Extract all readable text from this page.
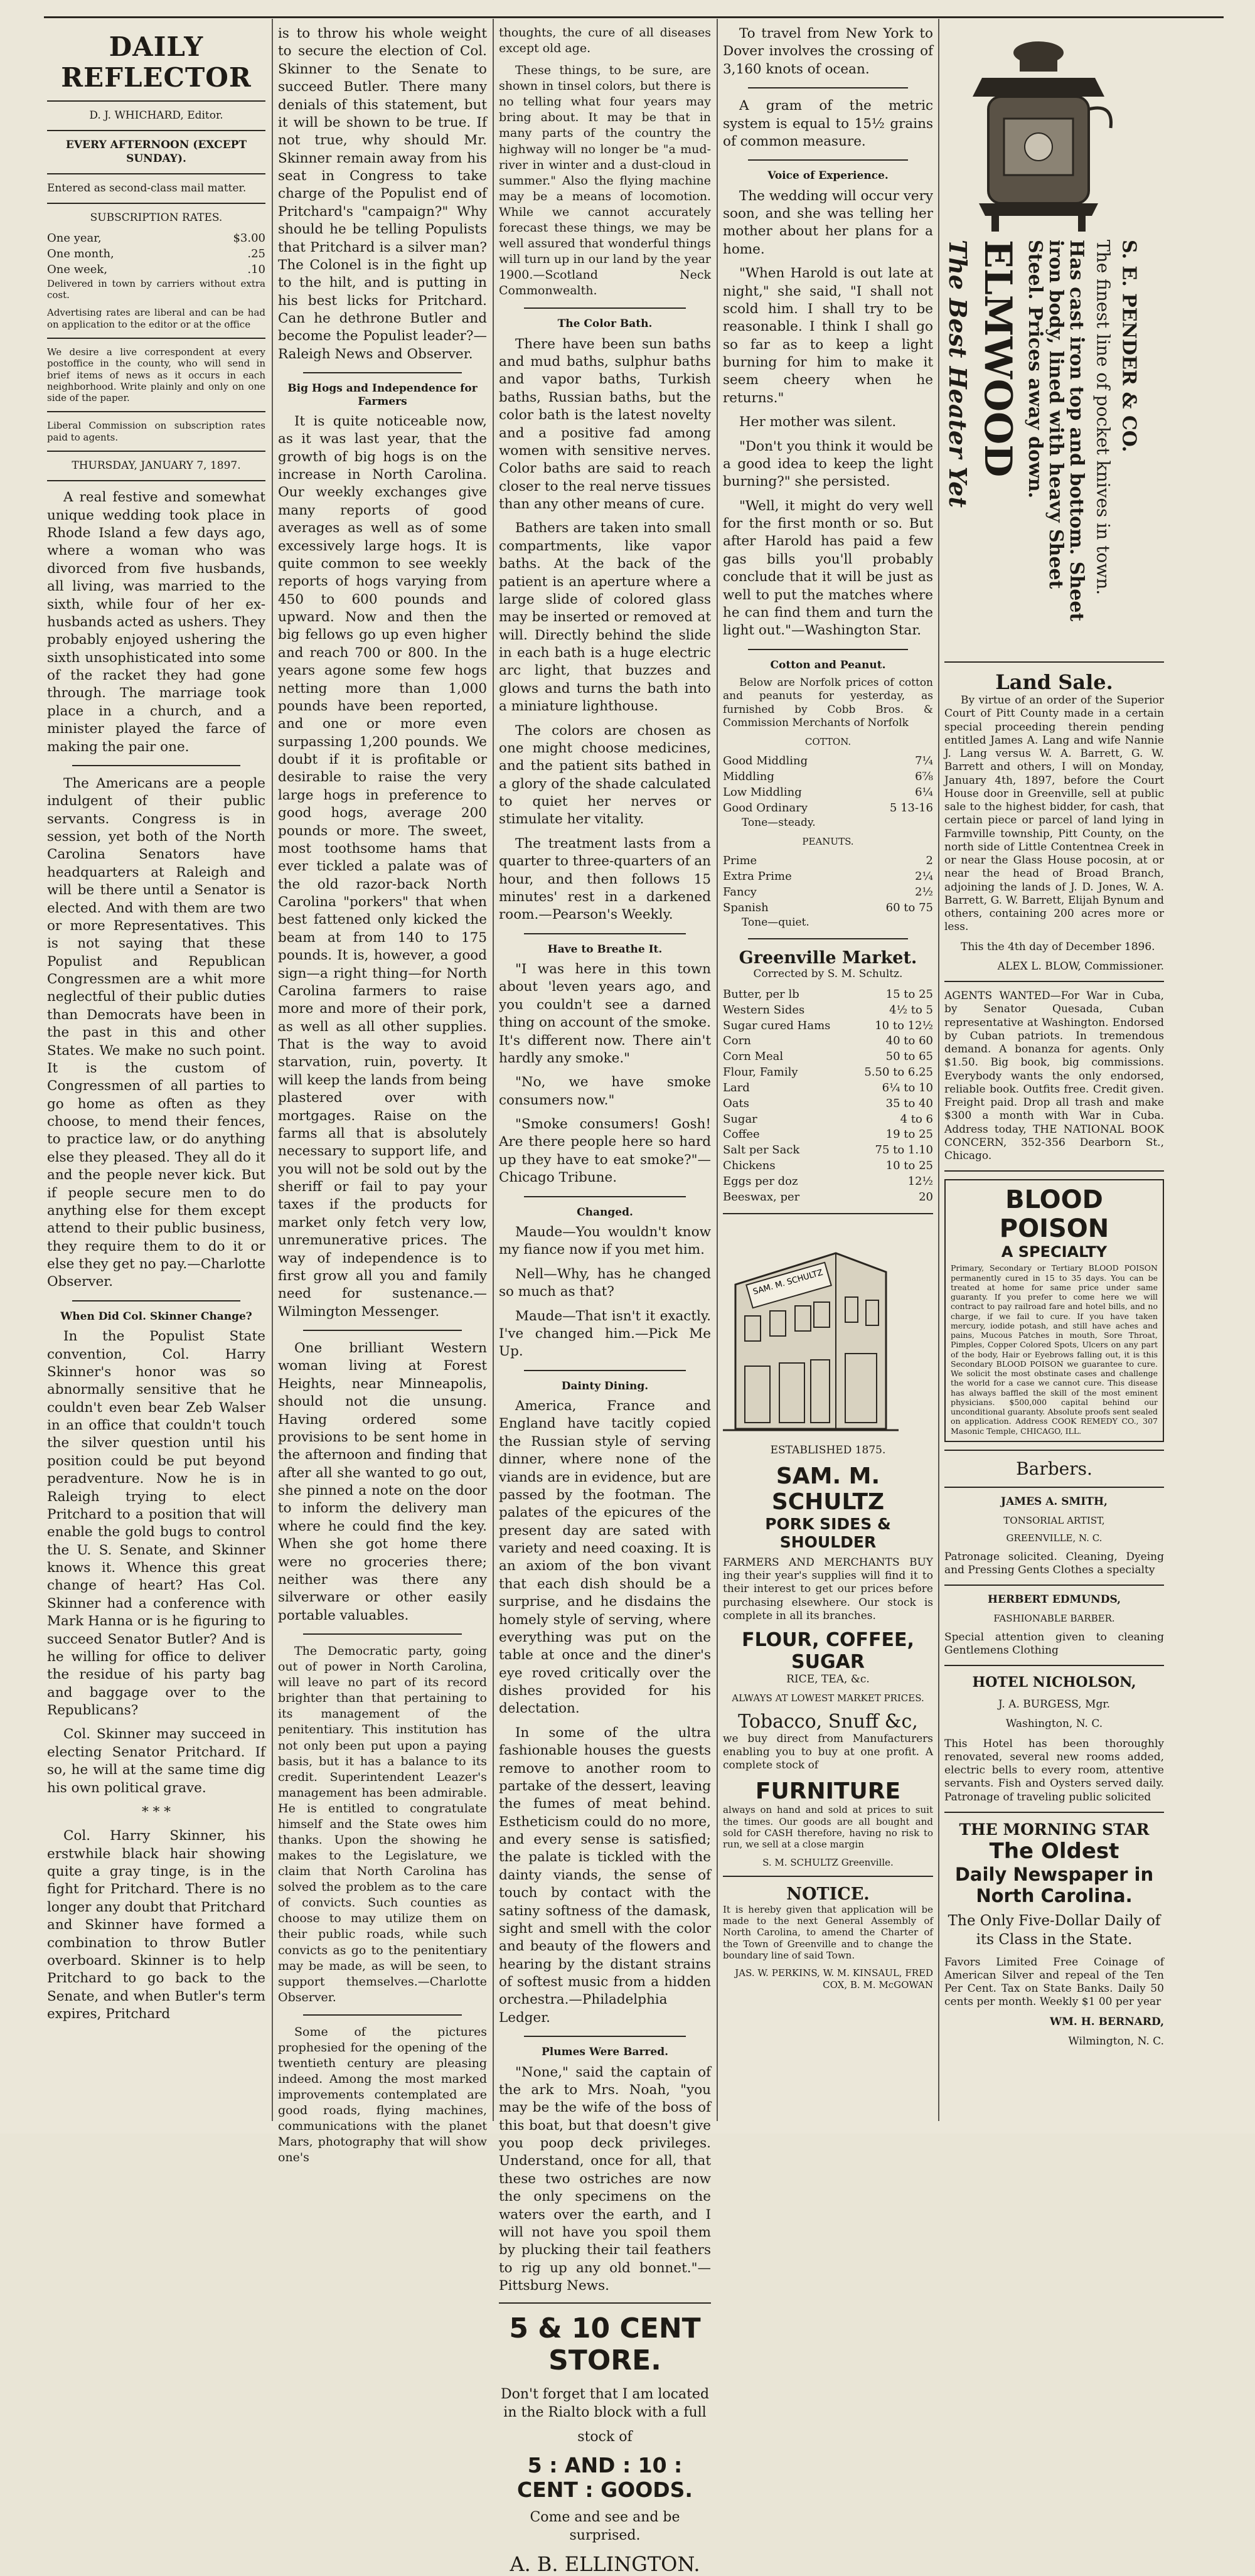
DAILY REFLECTOR

D. J. WHICHARD, Editor.

EVERY AFTERNOON (EXCEPT SUNDAY).

Entered as second-class mail matter.

SUBSCRIPTION RATES.

One year,	$3.00
One month,	.25
One week,	.10

Delivered in town by carriers without extra cost.

Advertising rates are liberal and can be had on application to the editor or at the office

We desire a live correspondent at every postoffice in the county, who will send in brief items of news as it occurs in each neighborhood. Write plainly and only on one side of the paper.

Liberal Commission on subscription rates paid to agents.

THURSDAY, JANUARY 7, 1897.

A real festive and somewhat unique wedding took place in Rhode Island a few days ago, where a woman who was divorced from five husbands, all living, was married to the sixth, while four of her ex-husbands acted as ushers. They probably enjoyed ushering the sixth unsophisticated into some of the racket they had gone through. The marriage took place in a church, and a minister played the farce of making the pair one.

The Americans are a people indulgent of their public servants. Congress is in session, yet both of the North Carolina Senators have headquarters at Raleigh and will be there until a Senator is elected. And with them are two or more Representatives. This is not saying that these Populist and Republican Congressmen are a whit more neglectful of their public duties than Democrats have been in the past in this and other States. We make no such point. It is the custom of Congressmen of all parties to go home as often as they choose, to mend their fences, to practice law, or do anything else they pleased. They all do it and the people never kick. But if people secure men to do anything else for them except attend to their public business, they require them to do it or else they get no pay.—Charlotte Observer.

When Did Col. Skinner Change?

In the Populist State convention, Col. Harry Skinner's honor was so abnormally sensitive that he couldn't even bear Zeb Walser in an office that couldn't touch the silver question until his position could be put beyond peradventure. Now he is in Raleigh trying to elect Pritchard to a position that will enable the gold bugs to control the U. S. Senate, and Skinner knows it. Whence this great change of heart? Has Col. Skinner had a conference with Mark Hanna or is he figuring to succeed Senator Butler? And is he willing for office to deliver the residue of his party bag and baggage over to the Republicans?

Col. Skinner may succeed in electing Senator Pritchard. If so, he will at the same time dig his own political grave.

* * *

Col. Harry Skinner, his erstwhile black hair showing quite a gray tinge, is in the fight for Pritchard. There is no longer any doubt that Pritchard and Skinner have formed a combination to throw Butler overboard. Skinner is to help Pritchard to go back to the Senate, and when Butler's term expires, Pritchard

is to throw his whole weight to secure the election of Col. Skinner to the Senate to succeed Butler. There many denials of this statement, but it will be shown to be true. If not true, why should Mr. Skinner remain away from his seat in Congress to take charge of the Populist end of Pritchard's "campaign?" Why should he be telling Populists that Pritchard is a silver man? The Colonel is in the fight up to the hilt, and is putting in his best licks for Pritchard. Can he dethrone Butler and become the Populist leader?—Raleigh News and Observer.

Big Hogs and Independence for Farmers

It is quite noticeable now, as it was last year, that the growth of big hogs is on the increase in North Carolina. Our weekly exchanges give many reports of good averages as well as of some excessively large hogs. It is quite common to see weekly reports of hogs varying from 450 to 600 pounds and upward. Now and then the big fellows go up even higher and reach 700 or 800. In the years agone some few hogs netting more than 1,000 pounds have been reported, and one or more even surpassing 1,200 pounds. We doubt if it is profitable or desirable to raise the very large hogs in preference to good hogs, average 200 pounds or more. The sweet, most toothsome hams that ever tickled a palate was of the old razor-back North Carolina "porkers" that when best fattened only kicked the beam at from 140 to 175 pounds. It is, however, a good sign—a right thing—for North Carolina farmers to raise more and more of their pork, as well as all other supplies. That is the way to avoid starvation, ruin, poverty. It will keep the lands from being plastered over with mortgages. Raise on the farms all that is absolutely necessary to support life, and you will not be sold out by the sheriff or fail to pay your taxes if the products for market only fetch very low, unremunerative prices. The way of independence is to first grow all you and family need for sustenance.—Wilmington Messenger.

One brilliant Western woman living at Forest Heights, near Minneapolis, should not die unsung. Having ordered some provisions to be sent home in the afternoon and finding that after all she wanted to go out, she pinned a note on the door to inform the delivery man where he could find the key. When she got home there were no groceries there; neither was there any silverware or other easily portable valuables.

The Democratic party, going out of power in North Carolina, will leave no part of its record brighter than that pertaining to its management of the penitentiary. This institution has not only been put upon a paying basis, but it has a balance to its credit. Superintendent Leazer's management has been admirable. He is entitled to congratulate himself and the State owes him thanks. Upon the showing he makes to the Legislature, we claim that North Carolina has solved the problem as to the care of convicts. Such counties as choose to may utilize them on their public roads, while such convicts as go to the penitentiary may be made, as will be seen, to support themselves.—Charlotte Observer.

Some of the pictures prophesied for the opening of the twentieth century are pleasing indeed. Among the most marked improvements contemplated are good roads, flying machines, communications with the planet Mars, photography that will show one's

thoughts, the cure of all diseases except old age.

These things, to be sure, are shown in tinsel colors, but there is no telling what four years may bring about. It may be that in many parts of the country the highway will no longer be "a mud-river in winter and a dust-cloud in summer." Also the flying machine may be a means of locomotion. While we cannot accurately forecast these things, we may be well assured that wonderful things will turn up in our land by the year 1900.—Scotland Neck Commonwealth.

The Color Bath.

There have been sun baths and mud baths, sulphur baths and vapor baths, Turkish baths, Russian baths, but the color bath is the latest novelty and a positive fad among women with sensitive nerves. Color baths are said to reach closer to the real nerve tissues than any other means of cure.

Bathers are taken into small compartments, like vapor baths. At the back of the patient is an aperture where a large slide of colored glass may be inserted or removed at will. Directly behind the slide in each bath is a huge electric arc light, that buzzes and glows and turns the bath into a miniature lighthouse.

The colors are chosen as one might choose medicines, and the patient sits bathed in a glory of the shade calculated to quiet her nerves or stimulate her vitality.

The treatment lasts from a quarter to three-quarters of an hour, and then follows 15 minutes' rest in a darkened room.—Pearson's Weekly.

Have to Breathe It.

"I was here in this town about 'leven years ago, and you couldn't see a darned thing on account of the smoke. It's different now. There ain't hardly any smoke."

"No, we have smoke consumers now."

"Smoke consumers! Gosh! Are there people here so hard up they have to eat smoke?"—Chicago Tribune.

Changed.

Maude—You wouldn't know my fiance now if you met him.

Nell—Why, has he changed so much as that?

Maude—That isn't it exactly. I've changed him.—Pick Me Up.

Dainty Dining.

America, France and England have tacitly copied the Russian style of serving dinner, where none of the viands are in evidence, but are passed by the footman. The palates of the epicures of the present day are sated with variety and need coaxing. It is an axiom of the bon vivant that each dish should be a surprise, and he disdains the homely style of serving, where everything was put on the table at once and the diner's eye roved critically over the dishes provided for his delectation.

In some of the ultra fashionable houses the guests remove to another room to partake of the dessert, leaving the fumes of meat behind. Estheticism could do no more, and every sense is satisfied; the palate is tickled with the dainty viands, the sense of touch by contact with the satiny softness of the damask, sight and smell with the color and beauty of the flowers and hearing by the distant strains of softest music from a hidden orchestra.—Philadelphia Ledger.

Plumes Were Barred.

"None," said the captain of the ark to Mrs. Noah, "you may be the wife of the boss of this boat, but that doesn't give you poop deck privileges. Understand, once for all, that these two ostriches are now the only specimens on the waters over the earth, and I will not have you spoil them by plucking their tail feathers to rig up any old bonnet."—Pittsburg News.

5 & 10 CENT STORE.

Don't forget that I am located in the Rialto block with a full

stock of

5 : AND : 10 : CENT : GOODS.

Come and see and be surprised.

A. B. ELLINGTON.

To travel from New York to Dover involves the crossing of 3,160 knots of ocean.

A gram of the metric system is equal to 15½ grains of common measure.

Voice of Experience.

The wedding will occur very soon, and she was telling her mother about her plans for a home.

"When Harold is out late at night," she said, "I shall not scold him. I shall try to be reasonable. I think I shall go so far as to keep a light burning for him to make it seem cheery when he returns."

Her mother was silent.

"Don't you think it would be a good idea to keep the light burning?" she persisted.

"Well, it might do very well for the first month or so. But after Harold has paid a few gas bills you'll probably conclude that it will be just as well to put the matches where he can find them and turn the light out."—Washington Star.

Cotton and Peanut.

Below are Norfolk prices of cotton and peanuts for yesterday, as furnished by Cobb Bros. & Commission Merchants of Norfolk

COTTON.

Good Middling	7¼
Middling	6⅞
Low Middling	6¼
Good Ordinary	5 13-16

Tone—steady.

PEANUTS.

Prime	2
Extra Prime	2¼
Fancy	2½
Spanish	60 to 75

Tone—quiet.

Greenville Market.

Corrected by S. M. Schultz.

Butter, per lb	15 to 25
Western Sides	4½ to 5
Sugar cured Hams	10 to 12½
Corn	40 to 60
Corn Meal	50 to 65
Flour, Family	5.50 to 6.25
Lard	6¼ to 10
Oats	35 to 40
Sugar	4 to 6
Coffee	19 to 25
Salt per Sack	75 to 1.10
Chickens	10 to 25
Eggs per doz	12½
Beeswax, per	20
SAM. M. SCHULTZ

ESTABLISHED 1875.

SAM. M. SCHULTZ
PORK SIDES & SHOULDER

FARMERS AND MERCHANTS BUY ing their year's supplies will find it to their interest to get our prices before purchasing elsewhere. Our stock is complete in all its branches.

FLOUR, COFFEE, SUGAR

RICE, TEA, &c.

ALWAYS AT LOWEST MARKET PRICES.

Tobacco, Snuff &c,

we buy direct from Manufacturers enabling you to buy at one profit. A complete stock of

FURNITURE

always on hand and sold at prices to suit the times. Our goods are all bought and sold for CASH therefore, having no risk to run, we sell at a close margin

S. M. SCHULTZ Greenville.

NOTICE.

It is hereby given that application will be made to the next General Assembly of North Carolina, to amend the Charter of the Town of Greenville and to change the boundary line of said Town.

JAS. W. PERKINS, W. M. KINSAUL, FRED COX, B. M. McGOWAN

The Best Heater Yet ELMWOOD	Has cast iron top and bottom. Sheet iron body, lined with heavy Sheet Steel. Prices away down.	The finest line of pocket knives in town. S. E. PENDER & CO.
Land Sale.

By virtue of an order of the Superior Court of Pitt County made in a certain special proceeding therein pending entitled James A. Lang and wife Nannie J. Lang versus W. A. Barrett, G. W. Barrett and others, I will on Monday, January 4th, 1897, before the Court House door in Greenville, sell at public sale to the highest bidder, for cash, that certain piece or parcel of land lying in Farmville township, Pitt County, on the north side of Little Contentnea Creek in or near the Glass House pocosin, at or near the head of Broad Branch, adjoining the lands of J. D. Jones, W. A. Barrett, G. W. Barrett, Elijah Bynum and others, containing 200 acres more or less.

This the 4th day of December 1896.

ALEX L. BLOW, Commissioner.

AGENTS WANTED—For War in Cuba, by Senator Quesada, Cuban representative at Washington. Endorsed by Cuban patriots. In tremendous demand. A bonanza for agents. Only $1.50. Big book, big commissions. Everybody wants the only endorsed, reliable book. Outfits free. Credit given. Freight paid. Drop all trash and make $300 a month with War in Cuba. Address today, THE NATIONAL BOOK CONCERN, 352-356 Dearborn St., Chicago.

BLOOD POISON
A SPECIALTY

Primary, Secondary or Tertiary BLOOD POISON permanently cured in 15 to 35 days. You can be treated at home for same price under same guaranty. If you prefer to come here we will contract to pay railroad fare and hotel bills, and no charge, if we fail to cure. If you have taken mercury, iodide potash, and still have aches and pains, Mucous Patches in mouth, Sore Throat, Pimples, Copper Colored Spots, Ulcers on any part of the body, Hair or Eyebrows falling out, it is this Secondary BLOOD POISON we guarantee to cure. We solicit the most obstinate cases and challenge the world for a case we cannot cure. This disease has always baffled the skill of the most eminent physicians. $500,000 capital behind our unconditional guaranty. Absolute proofs sent sealed on application. Address COOK REMEDY CO., 307 Masonic Temple, CHICAGO, ILL.

Barbers.

JAMES A. SMITH,

TONSORIAL ARTIST,

GREENVILLE, N. C.

Patronage solicited. Cleaning, Dyeing and Pressing Gents Clothes a specialty

HERBERT EDMUNDS,

FASHIONABLE BARBER.

Special attention given to cleaning Gentlemens Clothing

HOTEL NICHOLSON,

J. A. BURGESS, Mgr.

Washington, N. C.

This Hotel has been thoroughly renovated, several new rooms added, electric bells to every room, attentive servants. Fish and Oysters served daily. Patronage of traveling public solicited

THE MORNING STAR
The Oldest
Daily Newspaper in
North Carolina.

The Only Five-Dollar Daily of its Class in the State.

Favors Limited Free Coinage of American Silver and repeal of the Ten Per Cent. Tax on State Banks. Daily 50 cents per month. Weekly $1 00 per year

WM. H. BERNARD,

Wilmington, N. C.
